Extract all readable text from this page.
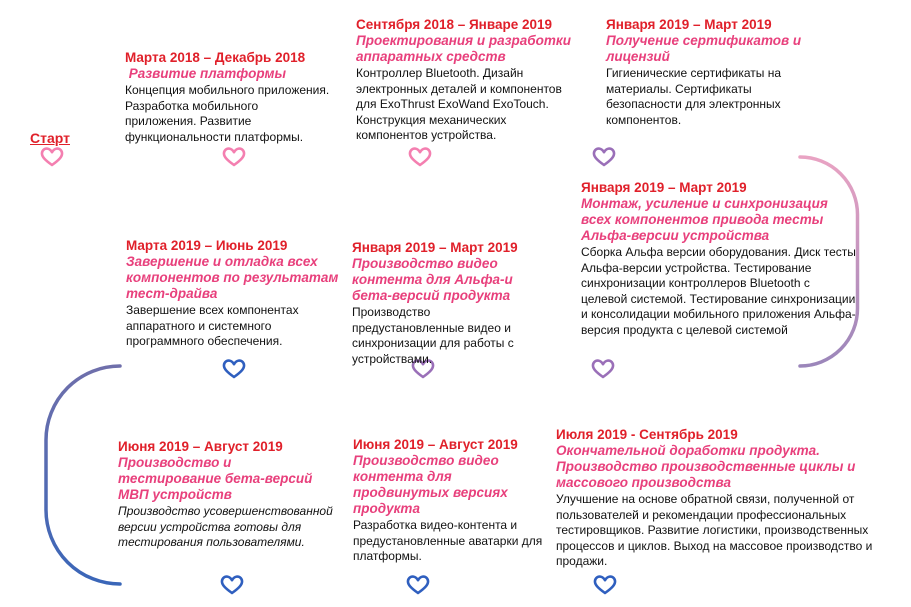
Старт
Марта 2018 – Декабрь 2018
Развитие платформы
Концепция мобильного приложения. Разработка мобильного приложения. Развитие функциональности платформы.
Сентября 2018 – Январе 2019
Проектирования и разработки аппаратных средств
Контроллер Bluetooth. Дизайн электронных деталей и компонентов для ExoThrust ExoWand ExoTouch. Конструкция механических компонентов устройства.
Января 2019 – Март 2019
Получение сертификатов и лицензий
Гигиенические сертификаты на материалы. Сертификаты безопасности для электронных компонентов.
Января 2019 – Март 2019
Монтаж, усиление и синхронизация всех компонентов привода тесты Альфа-версии устройства
Сборка Альфа версии оборудования. Диск тесты Альфа-версии устройства. Тестирование синхронизации контроллеров Bluetooth с целевой системой. Тестирование синхронизации и консолидации мобильного приложения Альфа-версия продукта с целевой системой
Января 2019 – Март 2019
Производство видео контента для Альфа-и бета-версий продукта
Производство предустановленные видео и синхронизации для работы с устройствами.
Марта 2019 – Июнь 2019
Завершение и отладка всех компонентов по результатам тест-драйва
Завершение всех компонентах аппаратного и системного программного обеспечения.
Июня 2019 – Август 2019
Производство и тестирование бета-версий МВП устройств
Производство усовершенствованной версии устройства готовы для тестирования пользователями.
Июня 2019 – Август 2019
Производство видео контента для продвинутых версиях продукта
Разработка видео-контента и предустановленные аватарки для платформы.
Июля 2019 - Сентябрь 2019
Окончательной доработки продукта. Производство производственные циклы и массового производства
Улучшение на основе обратной связи, полученной от пользователей и рекомендации профессиональных тестировщиков. Развитие логистики, производственных процессов и циклов. Выход на массовое производство и продажи.
